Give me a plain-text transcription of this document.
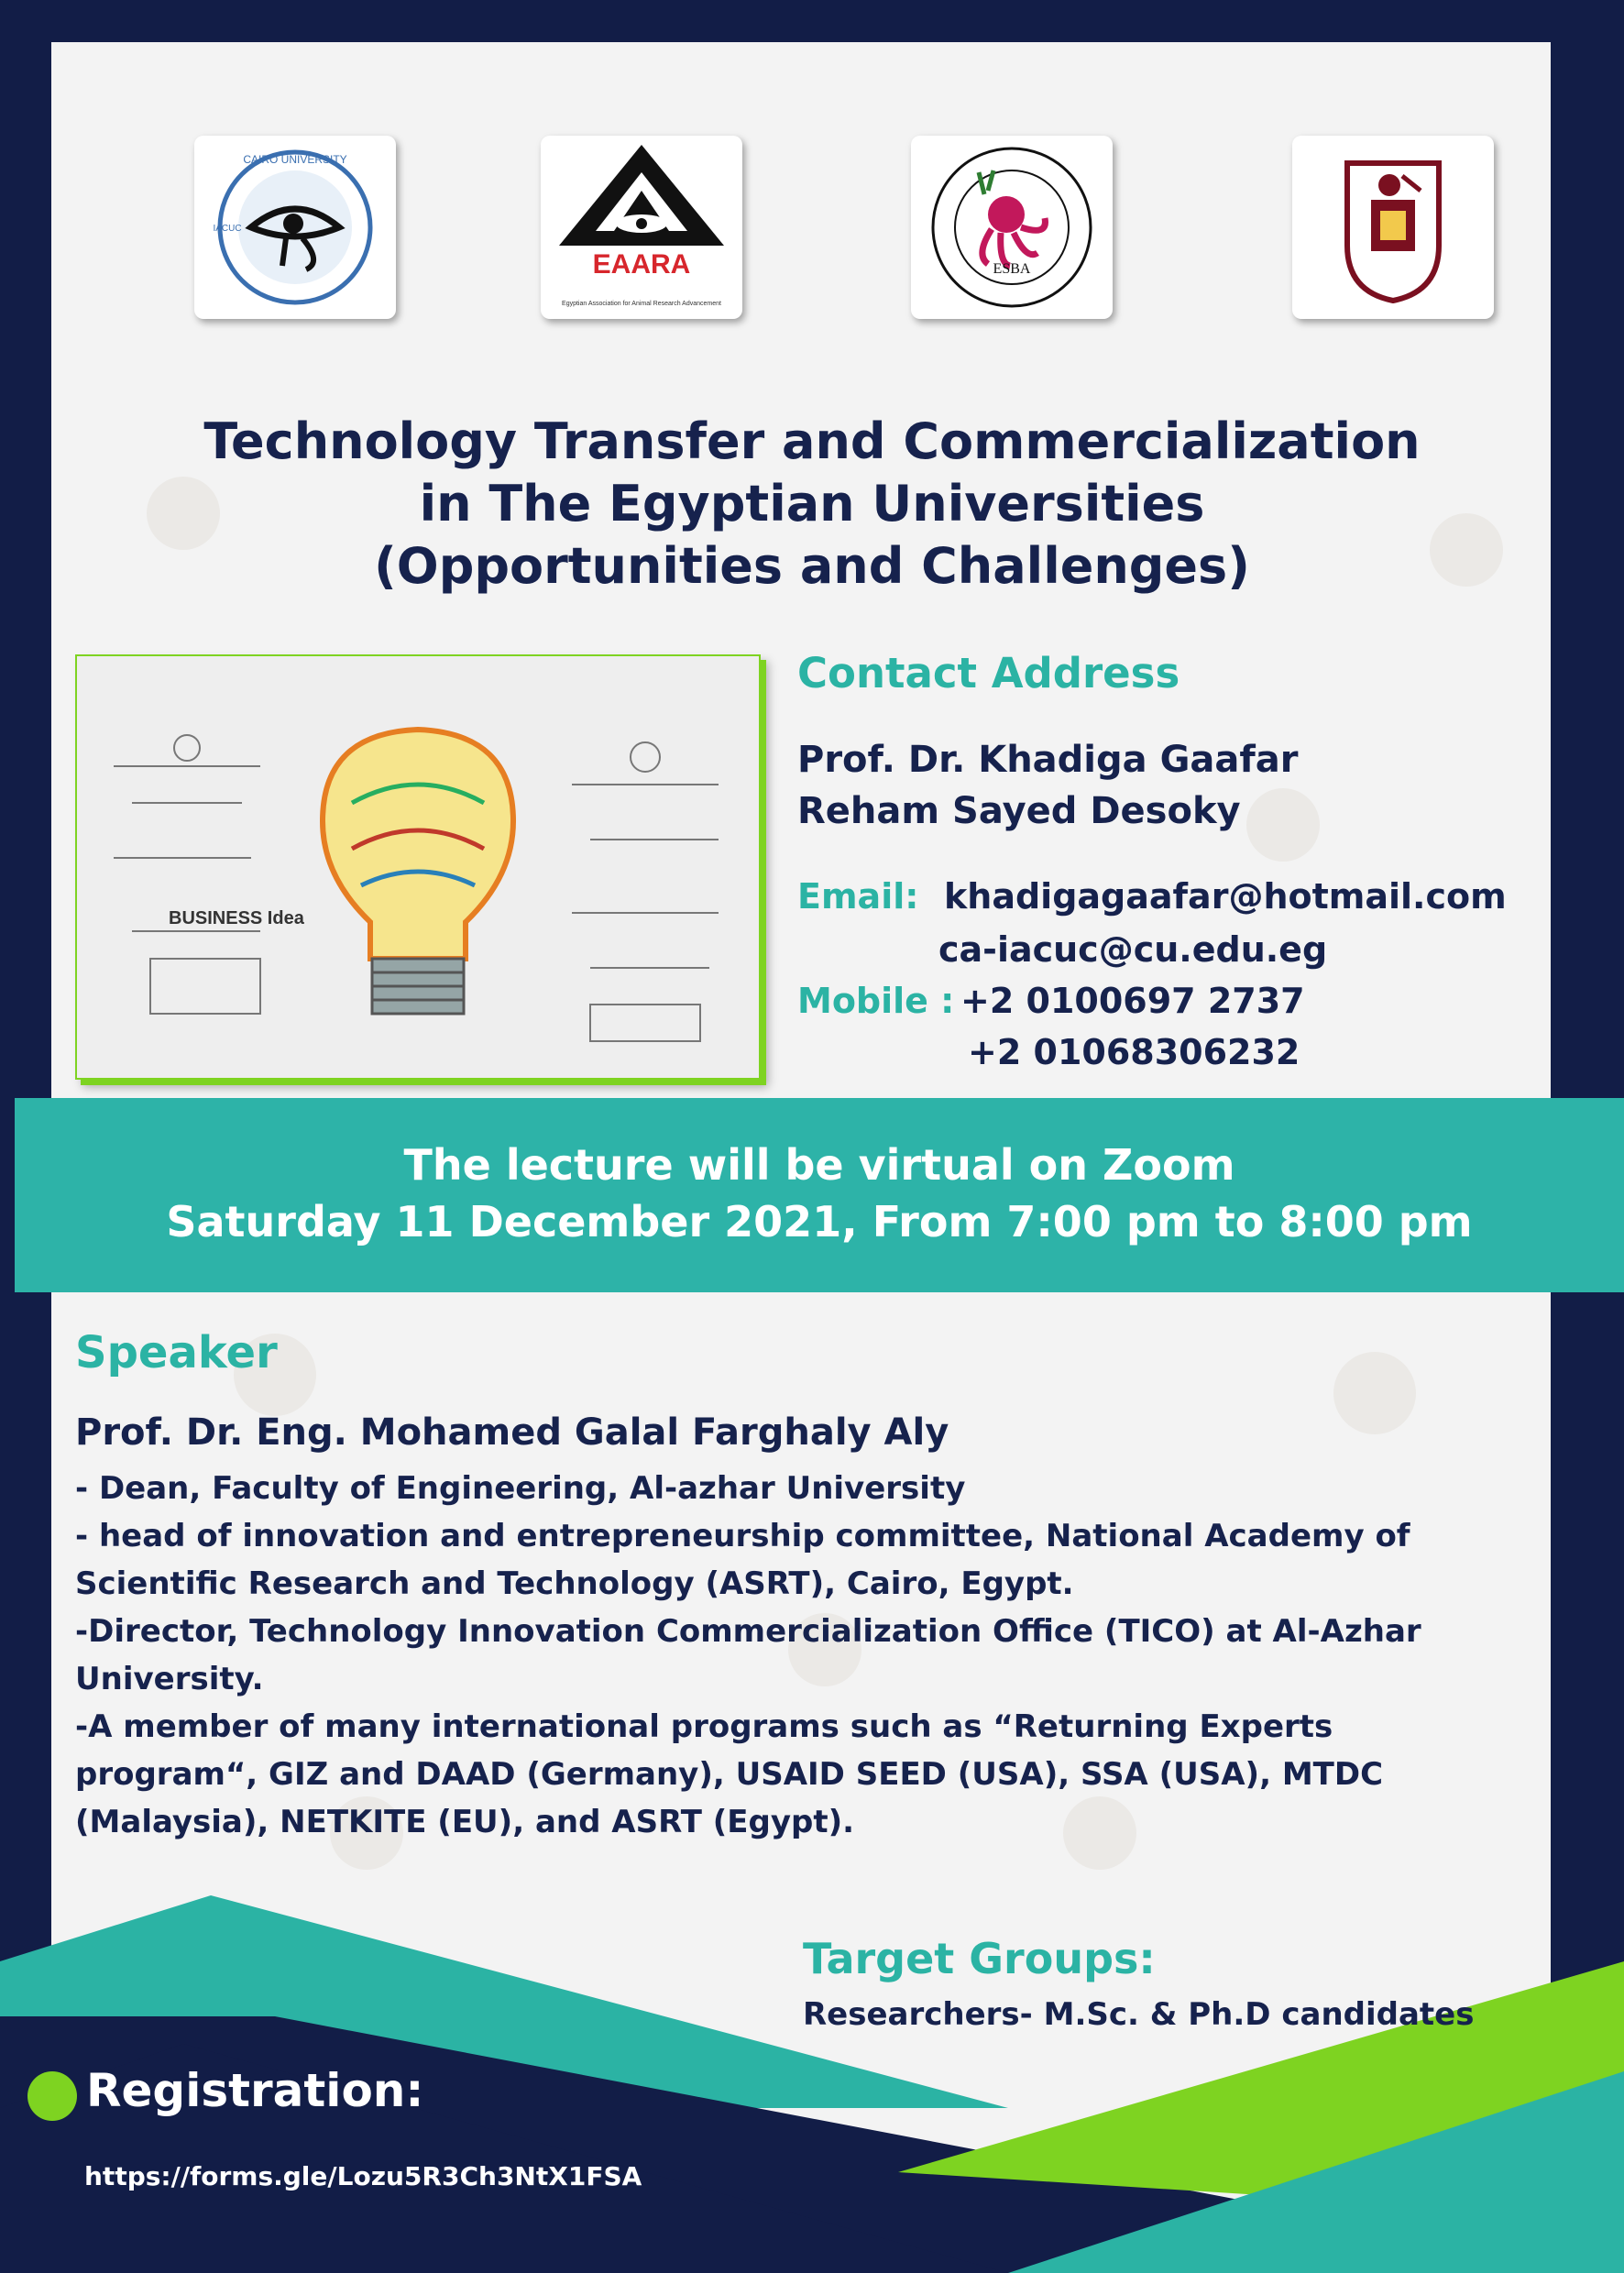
CAIRO UNIVERSITY
IACUC
EAARA
Egyptian Association for Animal Research Advancement
ESBA
Technology Transfer and Commercialization
in The Egyptian Universities
(Opportunities and Challenges)
BUSINESS Idea
Contact Address
Prof. Dr. Khadiga Gaafar
Reham Sayed Desoky
Email: khadigagaafar@hotmail.com
ca-iacuc@cu.edu.eg
Mobile : +2 0100697 2737
+2 01068306232
The lecture will be virtual on Zoom
Saturday 11 December 2021, From 7:00 pm to 8:00 pm
Speaker
Prof. Dr. Eng. Mohamed Galal Farghaly Aly

- Dean, Faculty of Engineering, Al-azhar University

- head of innovation and entrepreneurship committee, National Academy of Scientific Research and Technology (ASRT), Cairo, Egypt.

-Director, Technology Innovation Commercialization Office (TICO) at Al-Azhar University.

-A member of many international programs such as “Returning Experts program“, GIZ and DAAD (Germany), USAID SEED (USA), SSA (USA), MTDC (Malaysia), NETKITE (EU), and ASRT (Egypt).

Target Groups:
Researchers- M.Sc. & Ph.D candidates
Registration:
https://forms.gle/Lozu5R3Ch3NtX1FSA
